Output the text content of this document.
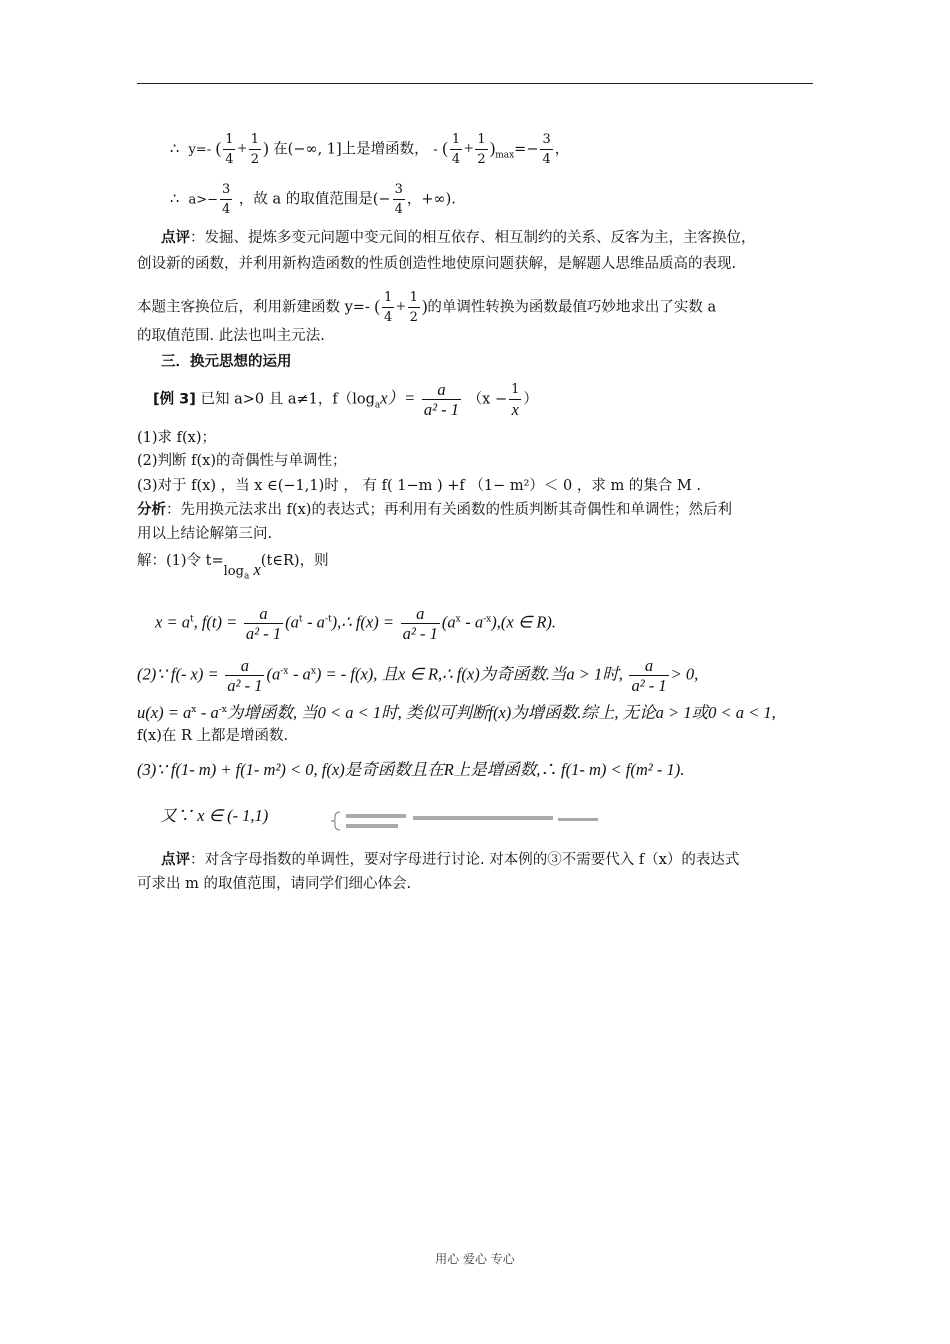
∴ y=- ( $\frac{1}{4} + \frac{1}{2}$ ) 在(−∞, 1]上是增函数， - ( $\frac{1}{4} + \frac{1}{2} )_{max}=- \frac{3}{4}$ ，
∴ $a>- \frac{3}{4}$ ，故 a 的取值范围是(− $\frac{3}{4}$ ，+∞).
点评：发掘、提炼多变元问题中变元间的相互依存、相互制约的关系、反客为主，主客换位，
创设新的函数，并利用新构造函数的性质创造性地使原问题获解，是解题人思维品质高的表现.
本题主客换位后，利用新建函数 y=- ( $\frac{1}{4} + \frac{1}{2}$ )的单调性转换为函数最值巧妙地求出了实数 a
的取值范围. 此法也叫主元法.
三．换元思想的运用
[例 3] 已知 a>0 且 a≠1，$f(\log_ax)= \frac{a}{\text{a² - 1}} (x$ −
1
x
）
(1)求 f(x)；
(2)判断 f(x)的奇偶性与单调性；
(3)对于 f(x) ，当 x ∈(−1,1)时 ， 有 f( 1−m ) +f （1− m²）＜ 0 ，求 m 的集合 M .
分析：先用换元法求出 f(x)的表达式；再利用有关函数的性质判断其奇偶性和单调性；然后利
用以上结论解第三问.
解：(1)令 $t=\log_a$ x(t∈R)，则
$x = a^t$, $f(t) = \frac{a}{\text{a² - 1}} (a^t$ - $a^{-t}),\therefore$ $f(x) = \frac{a}{\text{a² - 1}} (a^x - a^{-x}),(x$ ∈ R).
(2)∵ f(- $x) = \frac{a}{\text{a² - 1}} (a^{-x} - a^x)$ = - f(x), 且x ∈ R,∴ f(x)为奇函数.当a > 1时, $\frac{a}{\text{a² - 1}} > 0$,
$u(x) = a^x - a^{-x}$为增函数, 当0 < a < 1时, 类似可判断f(x)为增函数.综上, 无论a > 1或0 < a < 1,
f(x)在 R 上都是增函数.
(3)∵ f(1- m) + f(1- m²) < 0, f(x)是奇函数且在R上是增函数,∴ f(1- m) < f(m² - 1).
又∵ x ∈ (- 1,1)
点评：对含字母指数的单调性，要对字母进行讨论. 对本例的③不需要代入 f（x）的表达式
可求出 m 的取值范围，请同学们细心体会.
用心 爱心 专心
